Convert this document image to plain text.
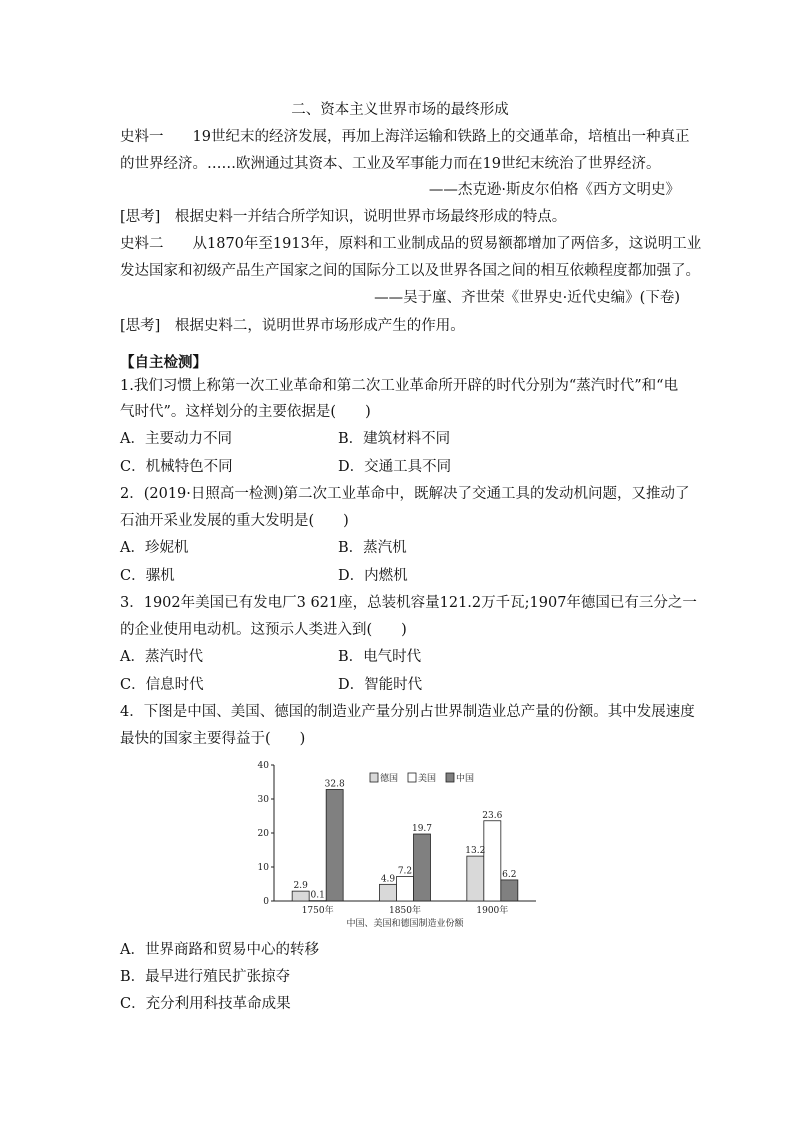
二、资本主义世界市场的最终形成
史料一　　19世纪末的经济发展，再加上海洋运输和铁路上的交通革命，培植出一种真正
的世界经济。……欧洲通过其资本、工业及军事能力而在19世纪末统治了世界经济。
——杰克逊·斯皮尔伯格《西方文明史》
[思考]　根据史料一并结合所学知识，说明世界市场最终形成的特点。
史料二　　从1870年至1913年，原料和工业制成品的贸易额都增加了两倍多，这说明工业
发达国家和初级产品生产国家之间的国际分工以及世界各国之间的相互依赖程度都加强了。
——吴于廑、齐世荣《世界史·近代史编》(下卷)
[思考]　根据史料二，说明世界市场形成产生的作用。
【自主检测】
1.我们习惯上称第一次工业革命和第二次工业革命所开辟的时代分别为“蒸汽时代”和“电
气时代”。这样划分的主要依据是(　　)
A．主要动力不同	B．建筑材料不同
C．机械特色不同	D．交通工具不同
2．(2019·日照高一检测)第二次工业革命中，既解决了交通工具的发动机问题，又推动了
石油开采业发展的重大发明是(　　)
A．珍妮机	B．蒸汽机
C．骡机	D．内燃机
3．1902年美国已有发电厂3 621座，总装机容量121.2万千瓦;1907年德国已有三分之一
的企业使用电动机。这预示人类进入到(　　)
A．蒸汽时代	B．电气时代
C．信息时代	D．智能时代
4．下图是中国、美国、德国的制造业产量分别占世界制造业总产量的份额。其中发展速度
最快的国家主要得益于(　　)
A．世界商路和贸易中心的转移
B．最早进行殖民扩张掠夺
C．充分利用科技革命成果
0
10
20
30
40
2.9
0.1
32.8
1750年
4.9
7.2
19.7
1850年
13.2
23.6
6.2
1900年
中国、美国和德国制造业份额
德国 美国 中国
